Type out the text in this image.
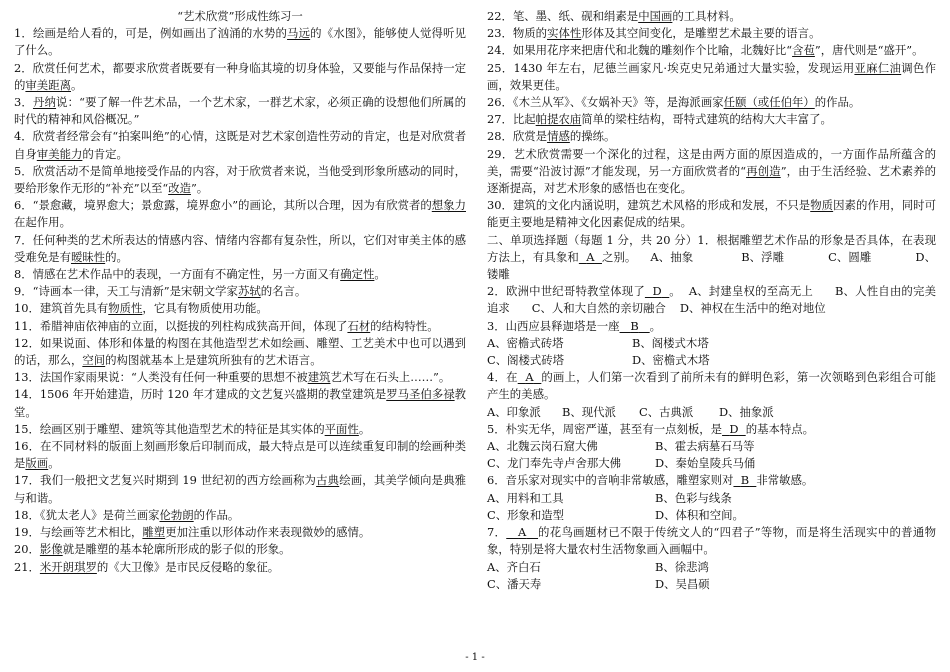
“艺术欣赏”形成性练习一

1．绘画是给人看的，可是，例如画出了汹涌的水势的马远的《水图》，能够使人觉得听见了什么。

2．欣赏任何艺术，都要求欣赏者既要有一种身临其境的切身体验，又要能与作品保持一定的审美距离。

3．丹纳说：“要了解一件艺术品，一个艺术家，一群艺术家，必须正确的设想他们所属的时代的精神和风俗概况。”

4．欣赏者经常会有“拍案叫绝”的心情，这既是对艺术家创造性劳动的肯定，也是对欣赏者自身审美能力的肯定。

5．欣赏活动不是简单地接受作品的内容，对于欣赏者来说，当他受到形象所感动的同时，要给形象作无形的“补充”以至“改造”。

6．“景愈藏，境界愈大；景愈露，境界愈小”的画论，其所以合理，因为有欣赏者的想象力在起作用。

7．任何种类的艺术所表达的情感内容、情绪内容都有复杂性，所以，它们对审美主体的感受难免是有暧昧性的。

8．情感在艺术作品中的表现，一方面有不确定性，另一方面又有确定性。

9．“诗画本一律，天工与清新”是宋朝文学家苏轼的名言。

10．建筑首先具有物质性，它具有物质使用功能。

11．希腊神庙依神庙的立面，以挺拔的列柱构成狭高开间，体现了石材的结构特性。

12．如果说面、体形和体量的构图在其他造型艺术如绘画、雕塑、工艺美术中也可以遇到的话，那么，空间的构图就基本上是建筑所独有的艺术语言。

13．法国作家雨果说：“人类没有任何一种重要的思想不被建筑艺术写在石头上……”。

14．1506 年开始建造，历时 120 年才建成的文艺复兴盛期的教堂建筑是罗马圣伯多禄教堂。

15．绘画区别于雕塑、建筑等其他造型艺术的特征是其实体的平面性。

16．在不同材料的版面上刻画形象后印制而成，最大特点是可以连续重复印制的绘画种类是版画。

17．我们一般把文艺复兴时期到 19 世纪初的西方绘画称为古典绘画，其美学倾向是典雅与和谐。

18．《犹太老人》是荷兰画家伦勃朗的作品。

19．与绘画等艺术相比，雕塑更加注重以形体动作来表现微妙的感情。

20．影像就是雕塑的基本轮廓所形成的影子似的形象。

21．米开朗琪罗的《大卫像》是市民反侵略的象征。

22．笔、墨、纸、砚和绢素是中国画的工具材料。

23．物质的实体性形体及其空间变化，是雕塑艺术最主要的语言。

24．如果用花序来把唐代和北魏的雕刻作个比喻，北魏好比“含苞”，唐代则是“盛开”。

25．1430 年左右，尼德兰画家凡·埃克史兄弟通过大量实验，发现运用亚麻仁油调色作画，效果更佳。

26．《木兰从军》、《女娲补天》等，是海派画家任颐（或任伯年）的作品。

27．比起帕提农庙简单的梁柱结构，哥特式建筑的结构大大丰富了。

28．欣赏是情感的操练。

29．艺术欣赏需要一个深化的过程，这是由两方面的原因造成的，一方面作品所蕴含的美，需要“沿波讨源”才能发现，另一方面欣赏者的“再创造”，由于生活经验、艺术素养的逐渐提高，对艺术形象的感悟也在变化。

30．建筑的文化内涵说明，建筑艺术风格的形成和发展，不只是物质因素的作用，同时可能更主要地是精神文化因素促成的结果。

二、单项选择题（每题 1 分，共 20 分）1．根据雕塑艺术作品的形象是否具体，在表现方法上，有具象和 A 之别。 A、抽象	B、浮雕	C、圆雕	D、镂雕

2．欧洲中世纪哥特教堂体现了 D 。 A、封建皇权的至高无上 B、人性自由的完美追求 C、人和大自然的亲切融合 D、神权在生活中的绝对地位

3．山西应县释迦塔是一座 B 。

A、密檐式砖塔	B、阁楼式木塔
C、阁楼式砖塔	D、密檐式木塔

4．在 A 的画上，人们第一次看到了前所未有的鲜明色彩，第一次领略到色彩组合可能产生的美感。

A、印象派	B、现代派	C、古典派	D、抽象派

5．朴实无华，周密严谨，甚至有一点刻板，是 D 的基本特点。

A、北魏云岗石窟大佛	B、霍去病墓石马等
C、龙门奉先寺卢舍那大佛	D、秦始皇陵兵马俑

6．音乐家对现实中的音响非常敏感，雕塑家则对 B 非常敏感。

A、用料和工具	B、色彩与线条
C、形象和造型	D、体积和空间。

7． A 的花鸟画题材已不限于传统文人的“四君子”等物，而是将生活现实中的普通物象，特别是将大量农村生活物象画入画幅中。

A、齐白石	B、徐悲鸿
C、潘天寿	D、吴昌硕
- 1 -
